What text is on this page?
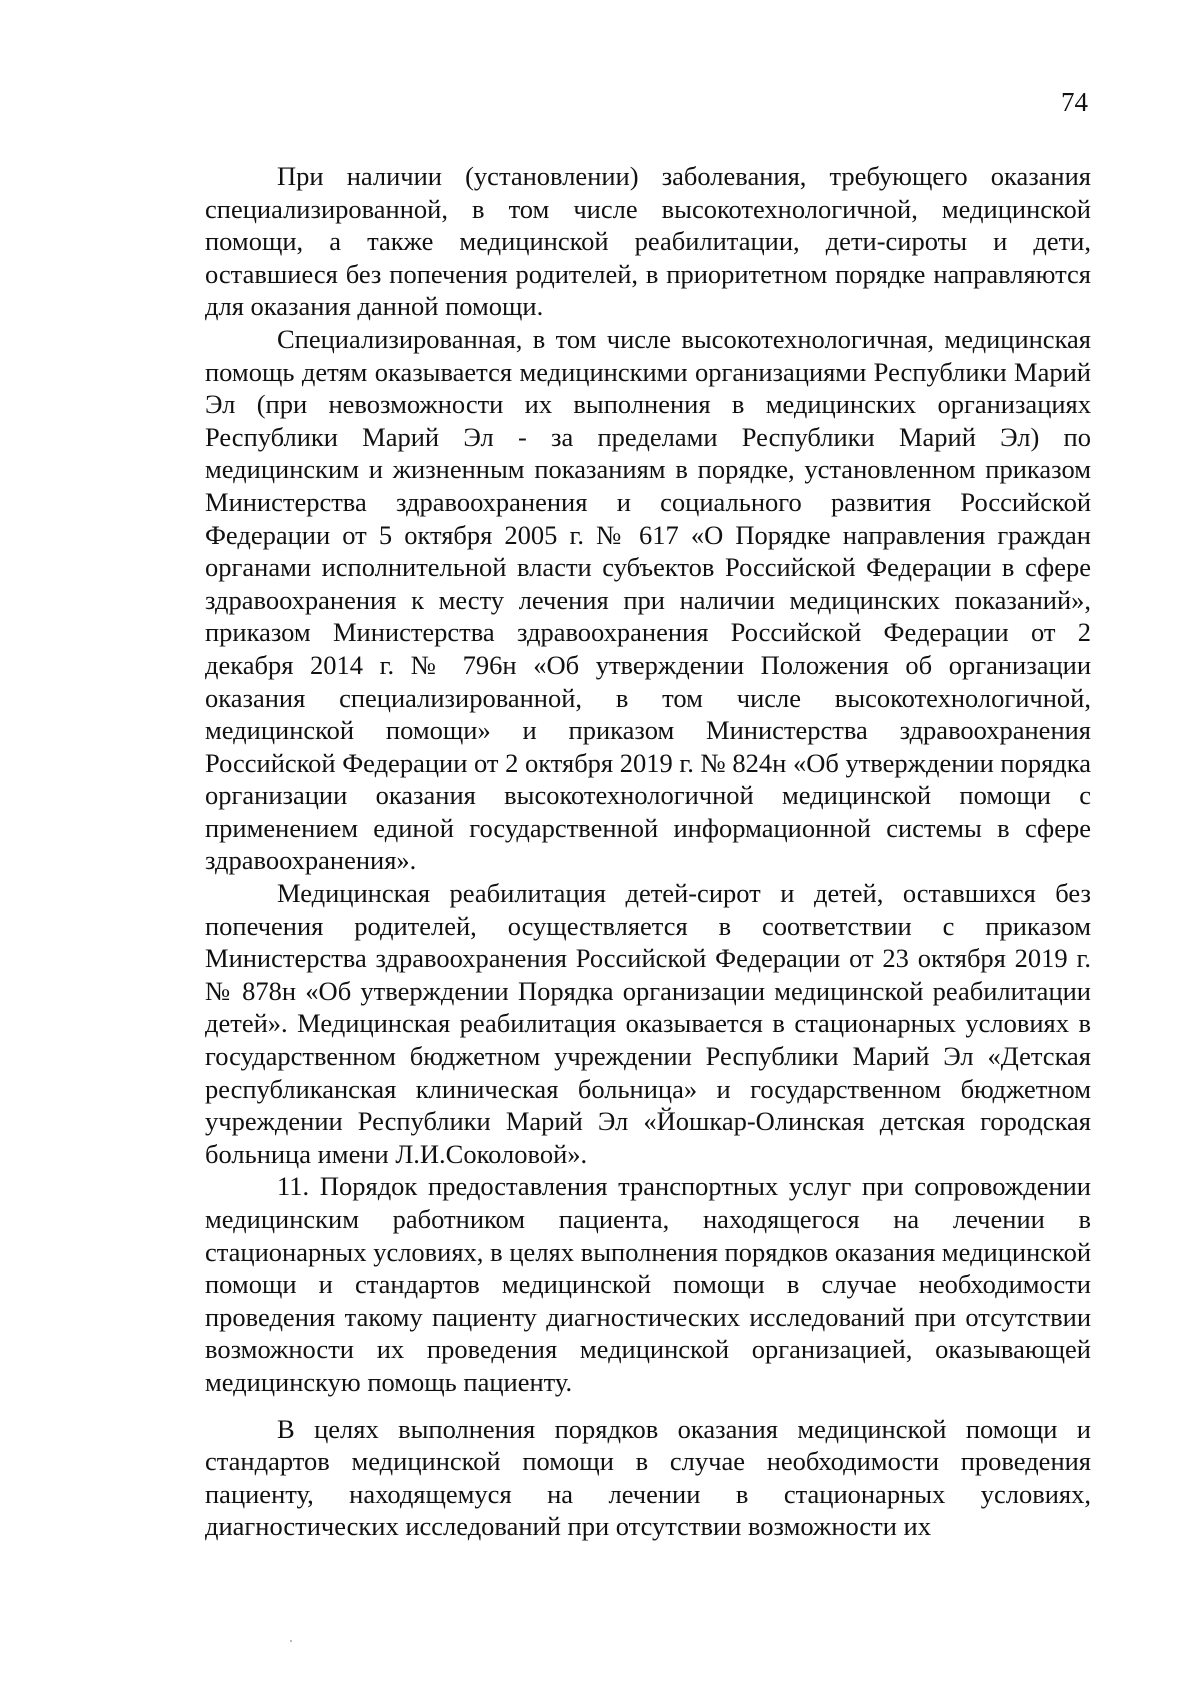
74

При наличии (установлении) заболевания, требующего оказания специализированной, в том числе высокотехнологичной, медицинской помощи, а также медицинской реабилитации, дети-сироты и дети, оставшиеся без попечения родителей, в приоритетном порядке направляются для оказания данной помощи.

Специализированная, в том числе высокотехнологичная, медицинская помощь детям оказывается медицинскими организациями Республики Марий Эл (при невозможности их выполнения в медицинских организациях Республики Марий Эл - за пределами Республики Марий Эл) по медицинским и жизненным показаниям в порядке, установленном приказом Министерства здравоохранения и социального развития Российской Федерации от 5 октября 2005 г. № 617 «О Порядке направления граждан органами исполнительной власти субъектов Российской Федерации в сфере здравоохранения к месту лечения при наличии медицинских показаний», приказом Министерства здравоохранения Российской Федерации от 2 декабря 2014 г. № 796н «Об утверждении Положения об организации оказания специализированной, в том числе высокотехнологичной, медицинской помощи» и приказом Министерства здравоохранения Российской Федерации от 2 октября 2019 г. № 824н «Об утверждении порядка организации оказания высокотехнологичной медицинской помощи с применением единой государственной информационной системы в сфере здравоохранения».

Медицинская реабилитация детей-сирот и детей, оставшихся без попечения родителей, осуществляется в соответствии с приказом Министерства здравоохранения Российской Федерации от 23 октября 2019 г. № 878н «Об утверждении Порядка организации медицинской реабилитации детей». Медицинская реабилитация оказывается в стационарных условиях в государственном бюджетном учреждении Республики Марий Эл «Детская республиканская клиническая больница» и государственном бюджетном учреждении Республики Марий Эл «Йошкар-Олинская детская городская больница имени Л.И.Соколовой».

11. Порядок предоставления транспортных услуг при сопровождении медицинским работником пациента, находящегося на лечении в стационарных условиях, в целях выполнения порядков оказания медицинской помощи и стандартов медицинской помощи в случае необходимости проведения такому пациенту диагностических исследований при отсутствии возможности их проведения медицинской организацией, оказывающей медицинскую помощь пациенту.

В целях выполнения порядков оказания медицинской помощи и стандартов медицинской помощи в случае необходимости проведения пациенту, находящемуся на лечении в стационарных условиях, диагностических исследований при отсутствии возможности их
